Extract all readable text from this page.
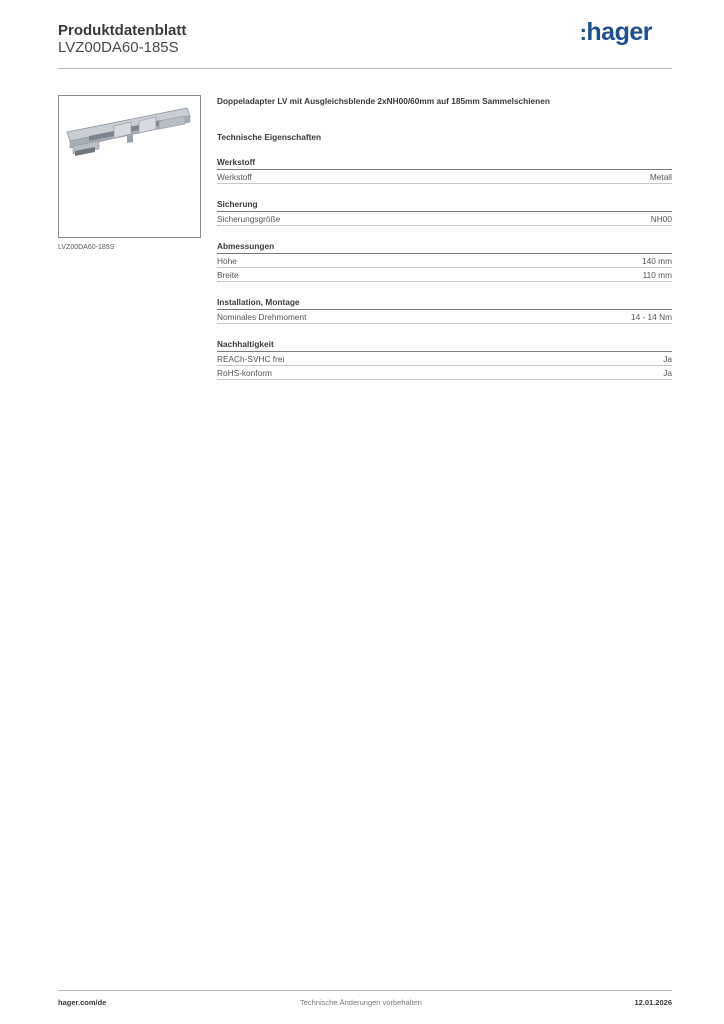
Produktdatenblatt
LVZ00DA60-185S
:hager
LVZ00DA60-185S
Doppeladapter LV mit Ausgleichsblende 2xNH00/60mm auf 185mm Sammelschienen
Technische Eigenschaften
Werkstoff
Werkstoff	Metall
Sicherung
Sicherungsgröße	NH00
Abmessungen
Höhe	140 mm
Breite	110 mm
Installation, Montage
Nominales Drehmoment	14 - 14 Nm
Nachhaltigkeit
REACh-SVHC frei	Ja
RoHS-konform	Ja
hager.com/de	Technische Änderungen vorbehalten	12.01.2026
